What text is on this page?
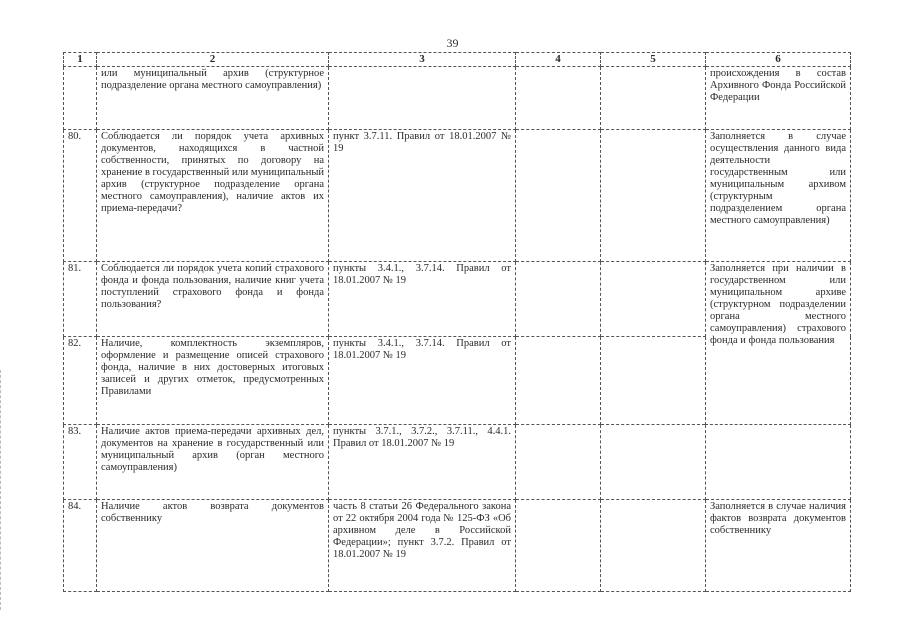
39
1	2	3	4	5	6
	или муниципальный архив (структурное подразделение органа местного самоуправления)				происхождения в состав Архивного Фонда Российской Федерации
80.	Соблюдается ли порядок учета архивных документов, находящихся в частной собственности, принятых по договору на хранение в государственный или муниципальный архив (структурное подразделение органа местного самоуправления), наличие актов их приема-передачи?	пункт 3.7.11. Правил от 18.01.2007 № 19			Заполняется в случае осуществления данного вида деятельности государственным или муниципальным архивом (структурным подразделением органа местного самоуправления)
81.	Соблюдается ли порядок учета копий страхового фонда и фонда пользования, наличие книг учета поступлений страхового фонда и фонда пользования?	пункты 3.4.1., 3.7.14. Правил от 18.01.2007 № 19			Заполняется при наличии в государственном или муниципальном архиве (структурном подразделении органа местного самоуправления) страхового фонда и фонда пользования
82.	Наличие, комплектность экземпляров, оформление и размещение описей страхового фонда, наличие в них достоверных итоговых записей и других отметок, предусмотренных Правилами	пункты 3.4.1., 3.7.14. Правил от 18.01.2007 № 19			
83.	Наличие актов приема-передачи архивных дел, документов на хранение в государственный или муниципальный архив (орган местного самоуправления)	пункты 3.7.1., 3.7.2., 3.7.11., 4.4.1. Правил от 18.01.2007 № 19			
84.	Наличие актов возврата документов собственнику	часть 8 статьи 26 Федерального закона от 22 октября 2004 года № 125-ФЗ «Об архивном деле в Российской Федерации»; пункт 3.7.2. Правил от 18.01.2007 № 19			Заполняется в случае наличия фактов возврата документов собственнику
